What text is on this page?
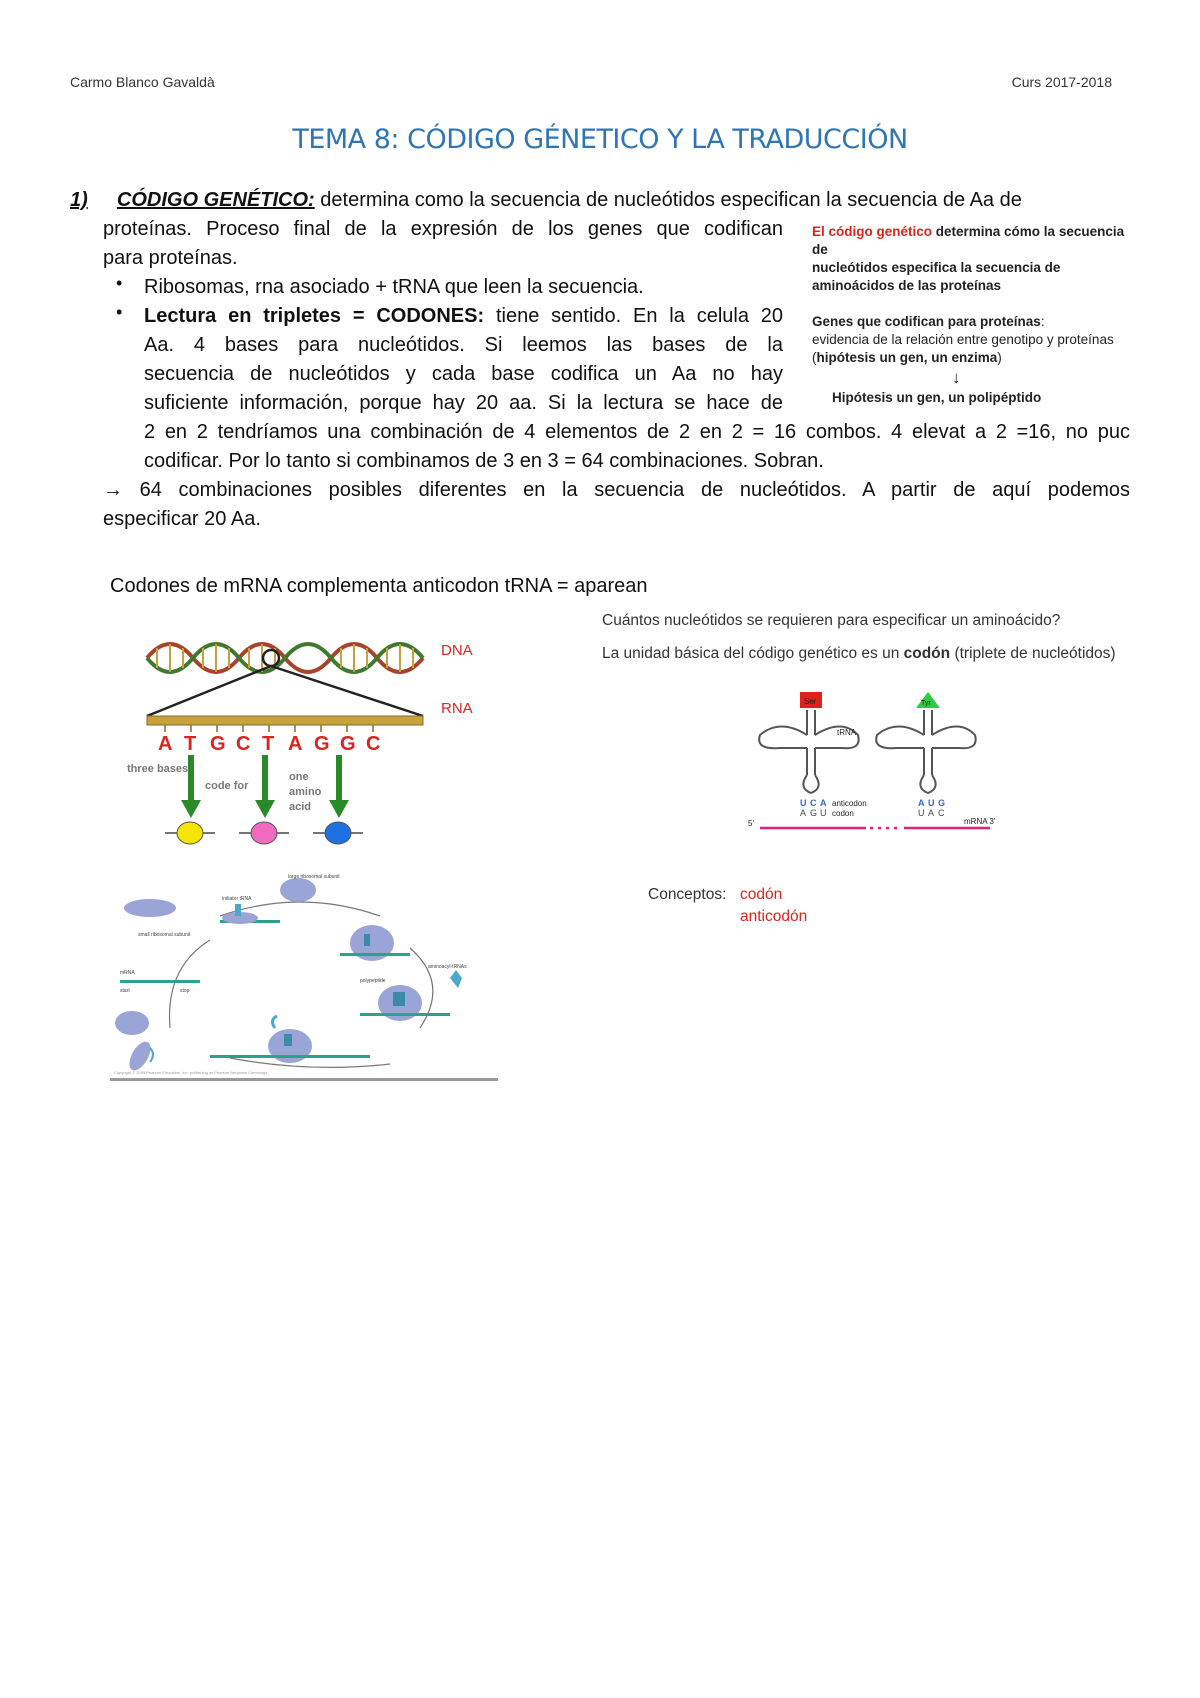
Carmo Blanco Gavaldà	Curs 2017-2018
TEMA 8: CÓDIGO GÉNETICO Y LA TRADUCCIÓN
1) CÓDIGO GENÉTICO: determina como la secuencia de nucleótidos especifican la secuencia de Aa de
proteínas. Proceso final de la expresión de los genes que codifican
para proteínas.
• Ribosomas, rna asociado + tRNA que leen la secuencia.
• Lectura en tripletes = CODONES: tiene sentido. En la celula 20
Aa. 4 bases para nucleótidos. Si leemos las bases de la
secuencia de nucleótidos y cada base codifica un Aa no hay
suficiente información, porque hay 20 aa. Si la lectura se hace de
2 en 2 tendríamos una combinación de 4 elementos de 2 en 2 = 16 combos. 4 elevat a 2 =16, no puc
codificar. Por lo tanto si combinamos de 3 en 3 = 64 combinaciones. Sobran.
→ 64 combinaciones posibles diferentes en la secuencia de nucleótidos. A partir de aquí podemos
especificar 20 Aa.
Codones de mRNA complementa anticodon tRNA = aparean
El código genético determina cómo la secuencia de
nucleótidos especifica la secuencia de
aminoácidos de las proteínas
Genes que codifican para proteínas:
evidencia de la relación entre genotipo y proteínas
(hipótesis un gen, un enzima)
↓
Hipótesis un gen, un polipéptido
DNA
RNA
A T G C T A G G C
three bases
code for
one
amino
acid
Cuántos nucleótidos se requieren para especificar un aminoácido?
La unidad básica del código genético es un codón (triplete de nucleótidos)
Ser	Tyr
tRNA
U C A	A U G
A G U	U A C
anticodon
codon
5'	mRNA 3'
Conceptos: codón
anticodón
small ribosomal subunit
initiator tRNA
large ribosomal subunit
aminoacyl-tRNAs
polypeptide
mRNA
start	stop
Copyright © 2005 Pearson Education, Inc. publishing as Pearson Benjamin Cummings
